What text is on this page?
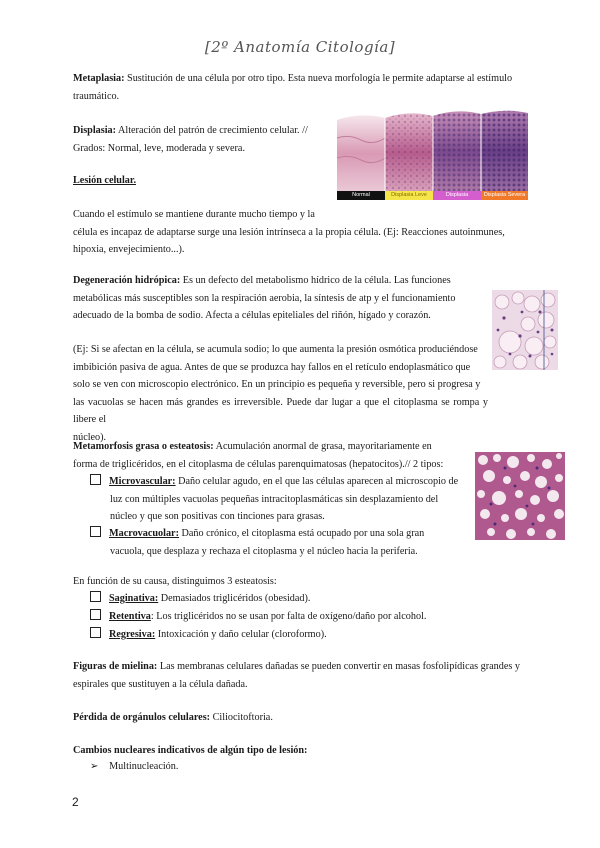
[2º Anatomía Citología]
Metaplasia: Sustitución de una célula por otro tipo. Esta nueva morfología le permite adaptarse al estímulo
traumático.
Displasia: Alteración del patrón de crecimiento celular. //
Grados: Normal, leve, moderada y severa.
Normal	Displasia Leve	Displasia Moderada
Displasia Severa
Lesión celular.
Cuando el estímulo se mantiene durante mucho tiempo y la
célula es incapaz de adaptarse surge una lesión intrínseca a la propia célula. (Ej: Reacciones autoinmunes,
hipoxia, envejecimiento...).
Degeneración hidrópica: Es un defecto del metabolismo hídrico de la célula. Las funciones
metabólicas más susceptibles son la respiración aerobia, la síntesis de atp y el funcionamiento
adecuado de la bomba de sodio. Afecta a células epiteliales del riñón, hígado y corazón.
(Ej: Si se afectan en la célula, se acumula sodio; lo que aumenta la presión osmótica produciéndose
imbibición pasiva de agua. Antes de que se produzca hay fallos en el retículo endoplasmático que
solo se ven con microscopio electrónico. En un principio es pequeña y reversible, pero si progresa y
las vacuolas se hacen más grandes es irreversible. Puede dar lugar a que el citoplasma se rompa y libere el
núcleo).
Metamorfosis grasa o esteatosis: Acumulación anormal de grasa, mayoritariamente en
forma de triglicéridos, en el citoplasma de células parenquimatosas (hepatocitos).// 2 tipos:
Microvascular: Daño celular agudo, en el que las células aparecen al microscopio de
luz con múltiples vacuolas pequeñas intracitoplasmáticas sin desplazamiento del
núcleo y que son positivas con tinciones para grasas.
Macrovacuolar: Daño crónico, el citoplasma está ocupado por una sola gran
vacuola, que desplaza y rechaza el citoplasma y el núcleo hacia la periferia.
En función de su causa, distinguimos 3 esteatosis:
Saginativa: Demasiados triglicéridos (obesidad).
Retentiva: Los triglicéridos no se usan por falta de oxígeno/daño por alcohol.
Regresiva: Intoxicación y daño celular (cloroformo).
Figuras de mielina: Las membranas celulares dañadas se pueden convertir en masas fosfolipídicas grandes y
espirales que sustituyen a la célula dañada.
Pérdida de orgánulos celulares: Ciliocitoftoria.
Cambios nucleares indicativos de algún tipo de lesión:
➢ Multinucleación.
2
